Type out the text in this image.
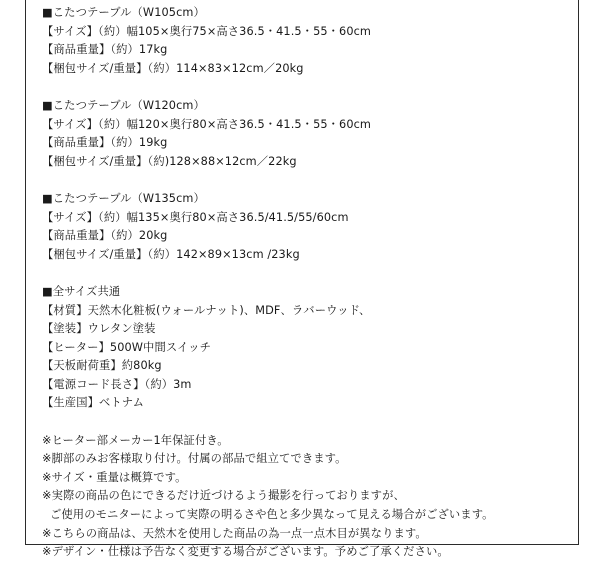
■こたつテーブル（W105cm）
【サイズ】（約）幅105×奥行75×高さ36.5・41.5・55・60cm
【商品重量】（約）17kg
【梱包サイズ/重量】（約）114×83×12cm／20kg
■こたつテーブル（W120cm）
【サイズ】（約）幅120×奥行80×高さ36.5・41.5・55・60cm
【商品重量】（約）19kg
【梱包サイズ/重量】（約)128×88×12cm／22kg
■こたつテーブル（W135cm）
【サイズ】（約）幅135×奥行80×高さ36.5/41.5/55/60cm
【商品重量】（約）20kg
【梱包サイズ/重量】（約）142×89×13cm /23kg
■全サイズ共通
【材質】天然木化粧板(ウォールナット)、MDF、ラバーウッド、
【塗装】ウレタン塗装
【ヒーター】500W中間スイッチ
【天板耐荷重】約80kg
【電源コード長さ】（約）3m
【生産国】ベトナム
※ヒーター部メーカー1年保証付き。
※脚部のみお客様取り付け。付属の部品で組立てできます。
※サイズ・重量は概算です。
※実際の商品の色にできるだけ近づけるよう撮影を行っておりますが、
ご使用のモニターによって実際の明るさや色と多少異なって見える場合がございます。
※こちらの商品は、天然木を使用した商品の為一点一点木目が異なります。
※デザイン・仕様は予告なく変更する場合がございます。予めご了承ください。
